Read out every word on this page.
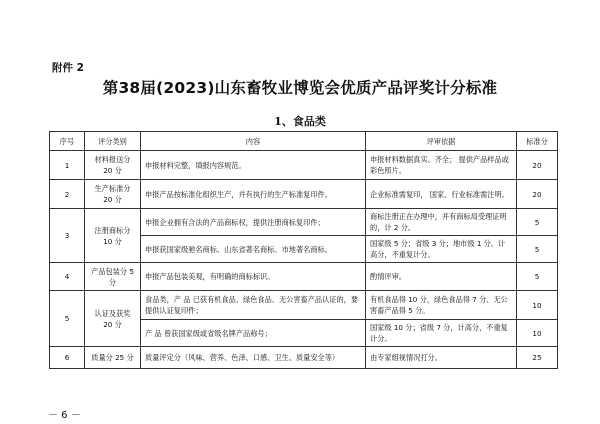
附件 2
第38届(2023)山东畜牧业博览会优质产品评奖计分标准
1、食品类
序号	评分类别	内容	评审依据	标准分
1	材料报送分 20 分	申报材料完整，填报内容规范。	申报材料数据真实、齐全； 提供产品样品或彩色照片。	20
2	生产标准分 20 分	申报产品按标准化组织生产，并有执行的生产标准复印件。	企业标准需复印， 国家、行业标准需注明。	20
3	注册商标分 10 分	申报企业拥有合法的产品商标权，提供注册商标复印件；	商标注册正在办理中，并有商标局受理证明的，计 2 分。	5
		申报获国家级驰名商标、山东省著名商标、市地著名商标。	国家级 5 分；省级 3 分；地市级 1 分。计高分，不重复计分。	5
4	产品包装分 5 分	申报产品包装美观，有明确的商标标识。	酌情评审。	5
5	认证及获奖 20 分	食品类，产 品 已获有机食品、绿色食品、无公害畜产品认证的，要提供认证复印件；	有机食品得 10 分，绿色食品得 7 分、无公害畜产品得 5 分。	10
		产 品 曾获国家级或省级名牌产品称号；	国家级 10 分；省级 7 分，计高分，不重复计分。	10
6	质量分 25 分	质量评定分（风味、营养、色泽、口感、卫生、质量安全等）	由专家组视情况打分。	25
－ 6 －
